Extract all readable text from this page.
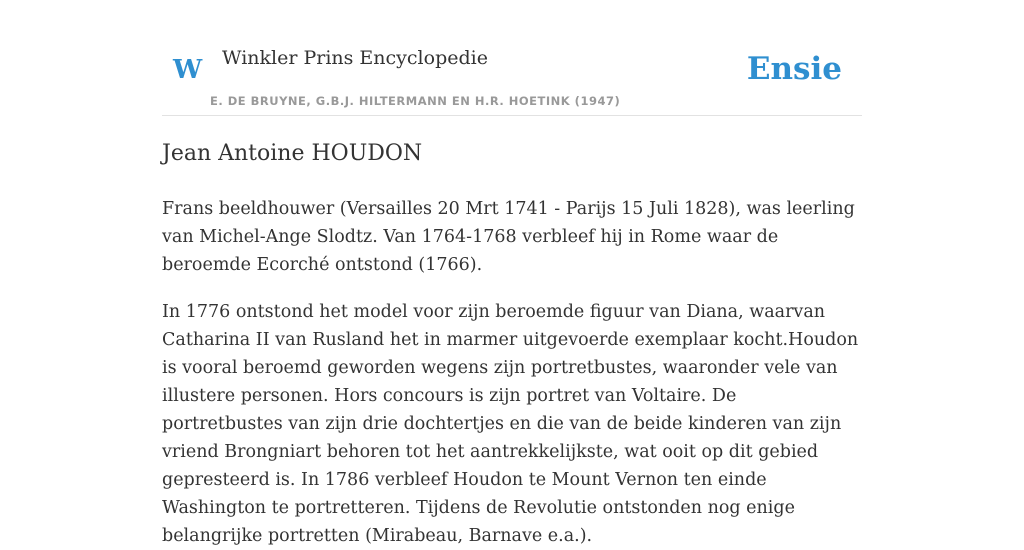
W Winkler Prins Encyclopedie
E. DE BRUYNE, G.B.J. HILTERMANN EN H.R. HOETINK (1947)
Ensie
Jean Antoine HOUDON

Frans beeldhouwer (Versailles 20 Mrt 1741 - Parijs 15 Juli 1828), was leerling van Michel-Ange Slodtz. Van 1764-1768 verbleef hij in Rome waar de beroemde Ecorché ontstond (1766).

In 1776 ontstond het model voor zijn beroemde figuur van Diana, waarvan Catharina II van Rusland het in marmer uitgevoerde exemplaar kocht.Houdon is vooral beroemd geworden wegens zijn portretbustes, waaronder vele van illustere personen. Hors concours is zijn portret van Voltaire. De portretbustes van zijn drie dochtertjes en die van de beide kinderen van zijn vriend Brongniart behoren tot het aantrekkelijkste, wat ooit op dit gebied gepresteerd is. In 1786 verbleef Houdon te Mount Vernon ten einde Washington te portretteren. Tijdens de Revolutie ontstonden nog enige belangrijke portretten (Mirabeau, Barnave e.a.).
